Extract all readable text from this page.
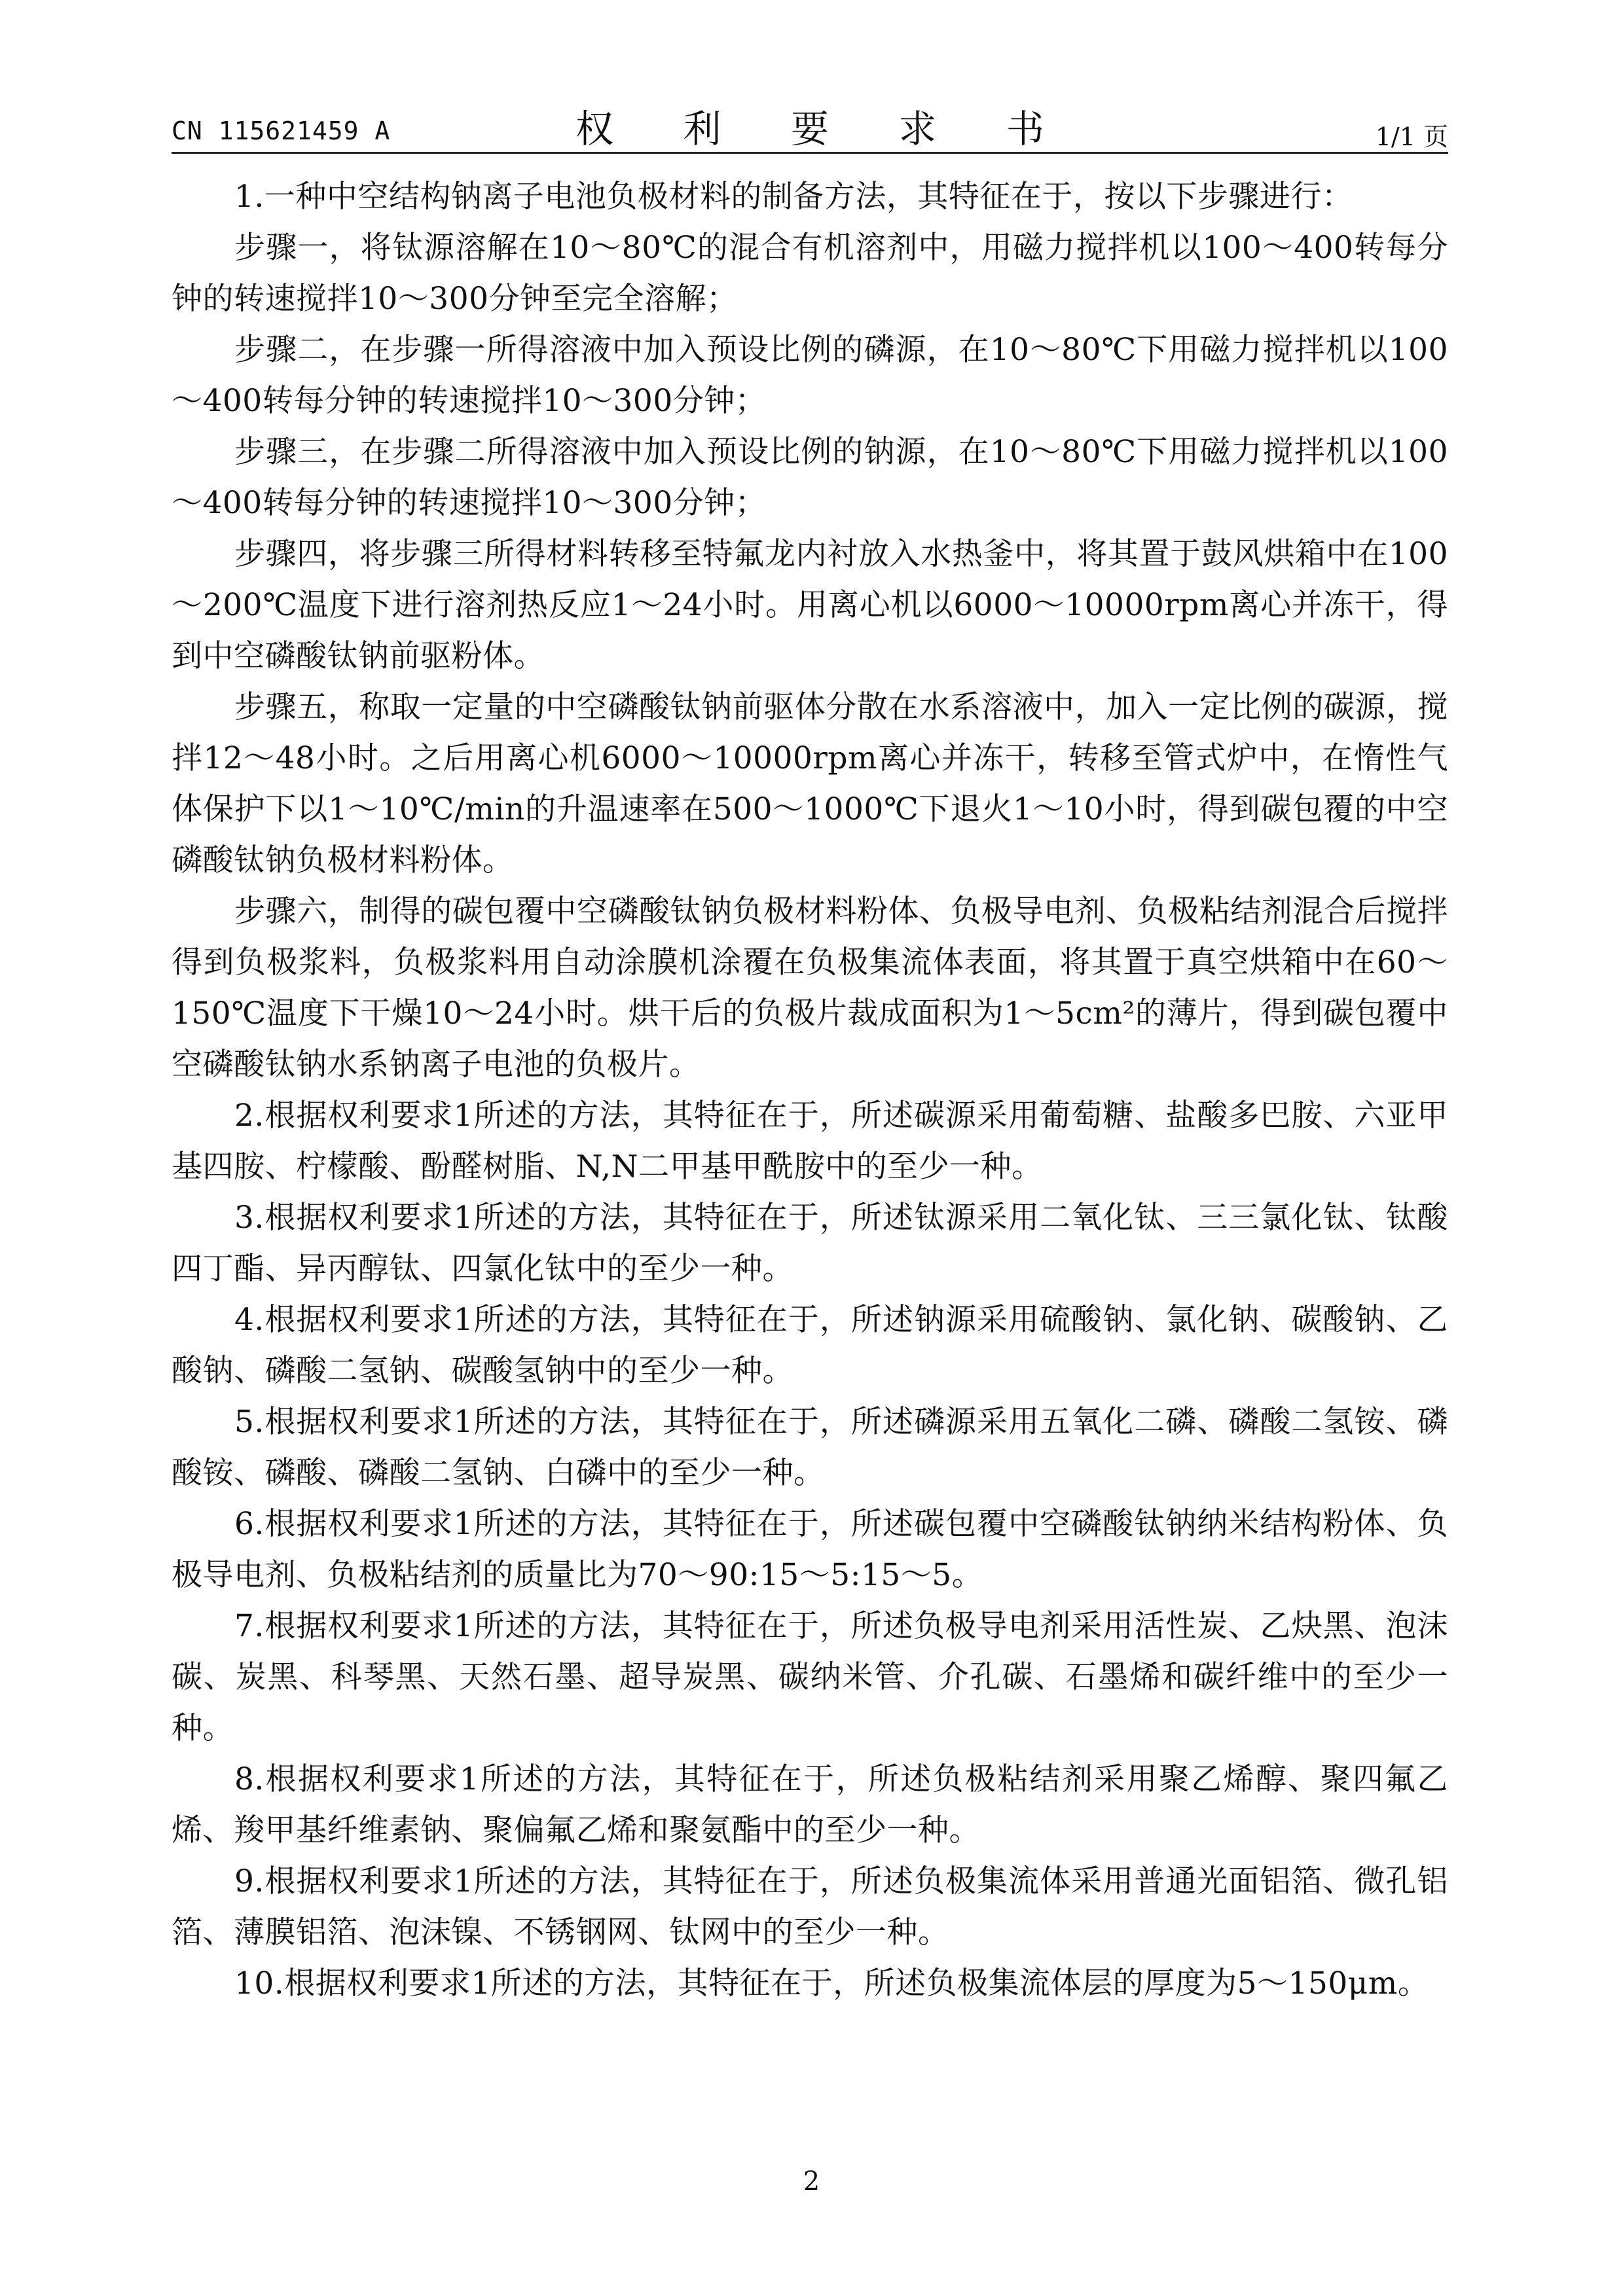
CN 115621459 A	权 利 要 求 书	1/1 页

1.一种中空结构钠离子电池负极材料的制备方法，其特征在于，按以下步骤进行：

步骤一，将钛源溶解在10～80℃的混合有机溶剂中，用磁力搅拌机以100～400转每分钟的转速搅拌10～300分钟至完全溶解；

步骤二，在步骤一所得溶液中加入预设比例的磷源，在10～80℃下用磁力搅拌机以100～400转每分钟的转速搅拌10～300分钟；

步骤三，在步骤二所得溶液中加入预设比例的钠源，在10～80℃下用磁力搅拌机以100～400转每分钟的转速搅拌10～300分钟；

步骤四，将步骤三所得材料转移至特氟龙内衬放入水热釜中，将其置于鼓风烘箱中在100～200℃温度下进行溶剂热反应1～24小时。用离心机以6000～10000rpm离心并冻干，得到中空磷酸钛钠前驱粉体。

步骤五，称取一定量的中空磷酸钛钠前驱体分散在水系溶液中，加入一定比例的碳源，搅拌12～48小时。之后用离心机6000～10000rpm离心并冻干，转移至管式炉中，在惰性气体保护下以1～10℃/min的升温速率在500～1000℃下退火1～10小时，得到碳包覆的中空磷酸钛钠负极材料粉体。

步骤六，制得的碳包覆中空磷酸钛钠负极材料粉体、负极导电剂、负极粘结剂混合后搅拌得到负极浆料，负极浆料用自动涂膜机涂覆在负极集流体表面，将其置于真空烘箱中在60～150℃温度下干燥10～24小时。烘干后的负极片裁成面积为1～5cm²的薄片，得到碳包覆中空磷酸钛钠水系钠离子电池的负极片。

2.根据权利要求1所述的方法，其特征在于，所述碳源采用葡萄糖、盐酸多巴胺、六亚甲基四胺、柠檬酸、酚醛树脂、N,N二甲基甲酰胺中的至少一种。

3.根据权利要求1所述的方法，其特征在于，所述钛源采用二氧化钛、三三氯化钛、钛酸四丁酯、异丙醇钛、四氯化钛中的至少一种。

4.根据权利要求1所述的方法，其特征在于，所述钠源采用硫酸钠、氯化钠、碳酸钠、乙酸钠、磷酸二氢钠、碳酸氢钠中的至少一种。

5.根据权利要求1所述的方法，其特征在于，所述磷源采用五氧化二磷、磷酸二氢铵、磷酸铵、磷酸、磷酸二氢钠、白磷中的至少一种。

6.根据权利要求1所述的方法，其特征在于，所述碳包覆中空磷酸钛钠纳米结构粉体、负极导电剂、负极粘结剂的质量比为70～90:15～5:15～5。

7.根据权利要求1所述的方法，其特征在于，所述负极导电剂采用活性炭、乙炔黑、泡沫碳、炭黑、科琴黑、天然石墨、超导炭黑、碳纳米管、介孔碳、石墨烯和碳纤维中的至少一种。

8.根据权利要求1所述的方法，其特征在于，所述负极粘结剂采用聚乙烯醇、聚四氟乙烯、羧甲基纤维素钠、聚偏氟乙烯和聚氨酯中的至少一种。

9.根据权利要求1所述的方法，其特征在于，所述负极集流体采用普通光面铝箔、微孔铝箔、薄膜铝箔、泡沫镍、不锈钢网、钛网中的至少一种。

10.根据权利要求1所述的方法，其特征在于，所述负极集流体层的厚度为5～150μm。

2
